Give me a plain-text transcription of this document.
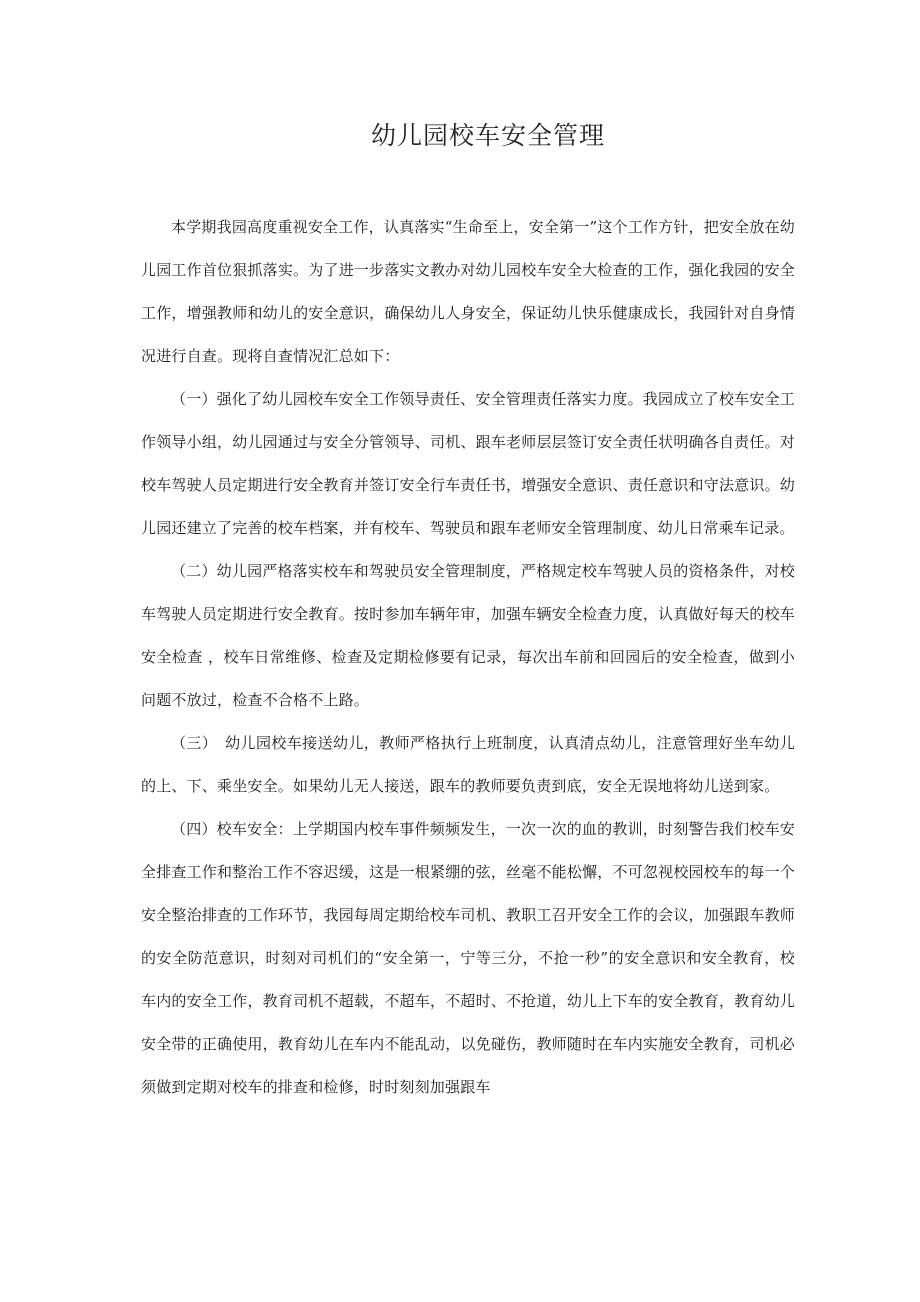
幼儿园校车安全管理

本学期我园高度重视安全工作，认真落实“生命至上，安全第一”这个工作方针，把安全放在幼儿园工作首位狠抓落实。为了进一步落实文教办对幼儿园校车安全大检查的工作，强化我园的安全工作，增强教师和幼儿的安全意识，确保幼儿人身安全，保证幼儿快乐健康成长，我园针对自身情况进行自查。现将自查情况汇总如下：

（一）强化了幼儿园校车安全工作领导责任、安全管理责任落实力度。我园成立了校车安全工作领导小组，幼儿园通过与安全分管领导、司机、跟车老师层层签订安全责任状明确各自责任。对校车驾驶人员定期进行安全教育并签订安全行车责任书，增强安全意识、责任意识和守法意识。幼儿园还建立了完善的校车档案，并有校车、驾驶员和跟车老师安全管理制度、幼儿日常乘车记录。

（二）幼儿园严格落实校车和驾驶员安全管理制度，严格规定校车驾驶人员的资格条件，对校车驾驶人员定期进行安全教育。按时参加车辆年审，加强车辆安全检查力度，认真做好每天的校车安全检查 ，校车日常维修、检查及定期检修要有记录，每次出车前和回园后的安全检查，做到小问题不放过，检查不合格不上路。

（三）　幼儿园校车接送幼儿，教师严格执行上班制度，认真清点幼儿，注意管理好坐车幼儿的上、下、乘坐安全。如果幼儿无人接送，跟车的教师要负责到底，安全无误地将幼儿送到家。

（四）校车安全：上学期国内校车事件频频发生，一次一次的血的教训，时刻警告我们校车安全排查工作和整治工作不容迟缓，这是一根紧绷的弦，丝毫不能松懈，不可忽视校园校车的每一个安全整治排查的工作环节，我园每周定期给校车司机、教职工召开安全工作的会议，加强跟车教师的安全防范意识，时刻对司机们的“安全第一，宁等三分，不抢一秒”的安全意识和安全教育，校车内的安全工作，教育司机不超载，不超车，不超时、不抢道，幼儿上下车的安全教育，教育幼儿安全带的正确使用，教育幼儿在车内不能乱动，以免碰伤，教师随时在车内实施安全教育，司机必须做到定期对校车的排查和检修，时时刻刻加强跟车
